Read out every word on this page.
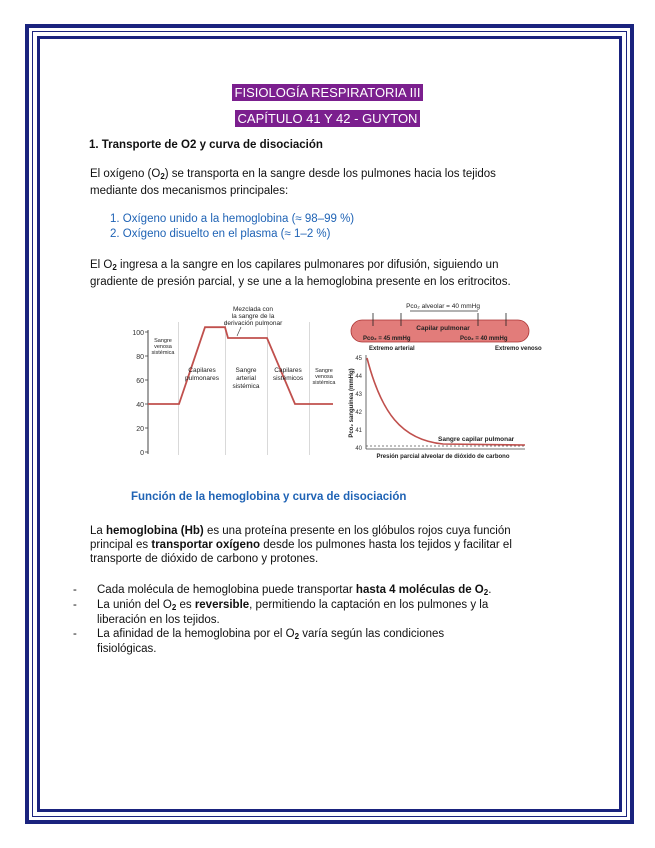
FISIOLOGÍA RESPIRATORIA III
CAPÍTULO 41 Y 42 - GUYTON
1. Transporte de O2 y curva de disociación
El oxígeno $(O_2)$ se transporta en la sangre desde los pulmones hacia los tejidos
mediante dos mecanismos principales:
1. Oxígeno unido a la hemoglobina (≈ 98–99 %)
2. Oxígeno disuelto en el plasma (≈ 1–2 %)
El $O_2$ ingresa a la sangre en los capilares pulmonares por difusión, siguiendo un
gradiente de presión parcial, y se une a la hemoglobina presente en los eritrocitos.
100
80
60
40
20
0
Mezclada con
la sangre de la
derivación pulmonar
Sangre
venosa
sistémica
Capilares
pulmonares
Sangre
arterial
sistémica
Capilares
sistémicos
Sangre
venosa
sistémica
Pco₂ alveolar = 40 mmHg
Capilar pulmonar
Pco₂ = 45 mmHg	Pco₂ = 40 mmHg
Extremo arterial	Extremo venoso
45
44
43
42
41
40
Pco₂ sanguínea (mmHg)
Sangre capilar pulmonar
Presión parcial alveolar de dióxido de carbono
Función de la hemoglobina y curva de disociación
La hemoglobina (Hb) es una proteína presente en los glóbulos rojos cuya función
principal es transportar oxígeno desde los pulmones hasta los tejidos y facilitar el
transporte de dióxido de carbono y protones.
- Cada molécula de hemoglobina puede transportar hasta 4 moléculas de $O_2$.
- La unión del $O_2$ es reversible, permitiendo la captación en los pulmones y la
liberación en los tejidos.
- La afinidad de la hemoglobina por el $O_2$ varía según las condiciones
fisiológicas.
